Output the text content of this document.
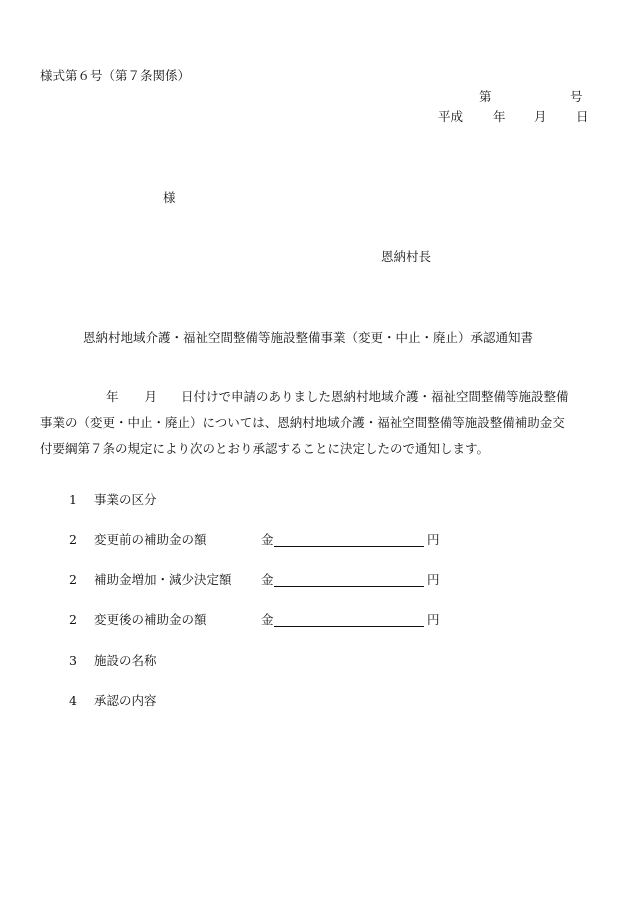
様式第６号（第７条関係）
第	号
平成 年 月 日
様
恩納村長
恩納村地域介護・福祉空間整備等施設整備事業（変更・中止・廃止）承認通知書
年 月 日付けで申請のありました恩納村地域介護・福祉空間整備等施設整備
事業の（変更・中止・廃止）については、恩納村地域介護・福祉空間整備等施設整備補助金交
付要綱第７条の規定により次のとおり承認することに決定したので通知します。
1 事業の区分
2 変更前の補助金の額	金	円
2 補助金増加・減少決定額 金	円
2 変更後の補助金の額	金	円
3 施設の名称
4 承認の内容
